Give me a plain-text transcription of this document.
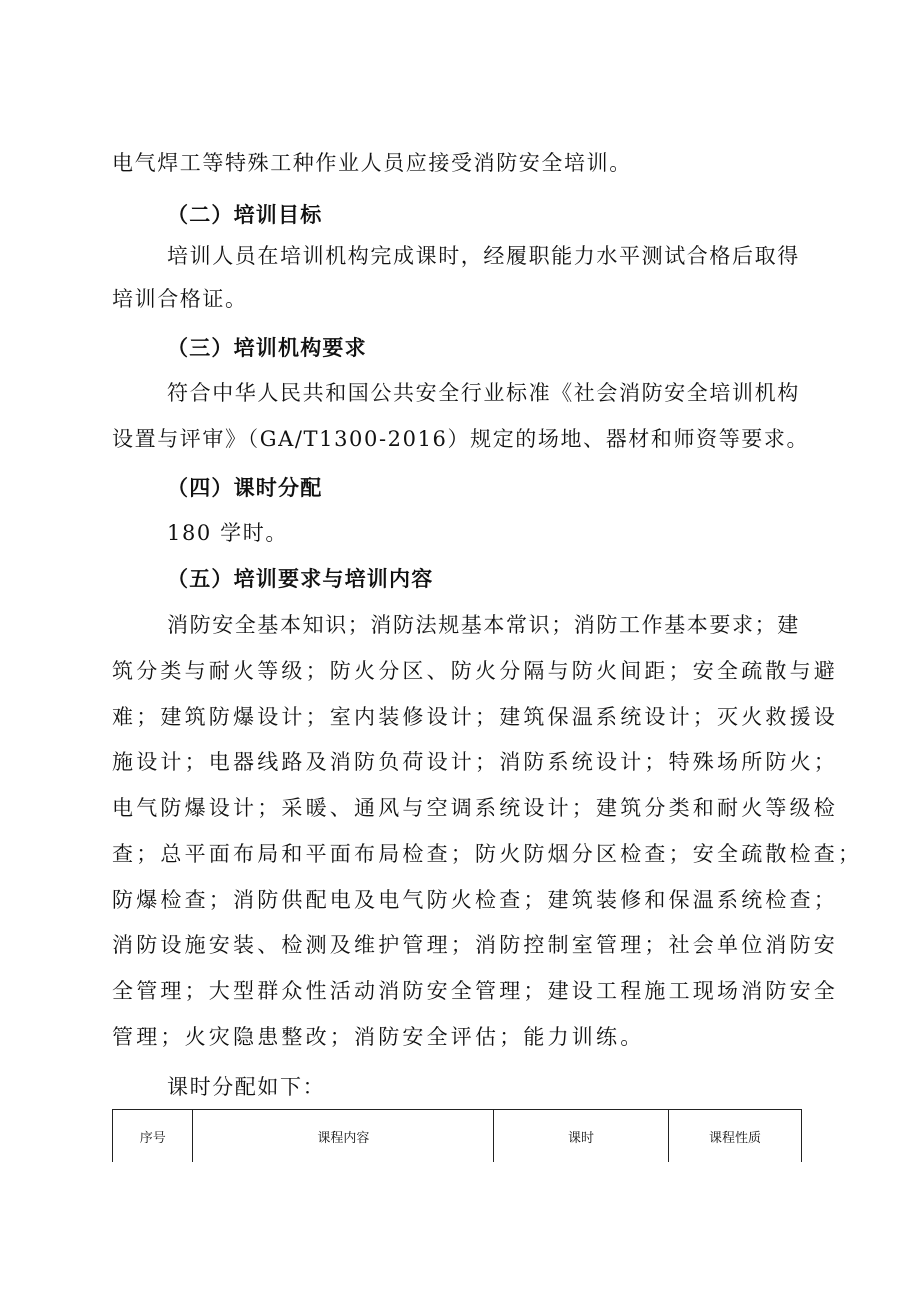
电气焊工等特殊工种作业人员应接受消防安全培训。
（二）培训目标
培训人员在培训机构完成课时，经履职能力水平测试合格后取得
培训合格证。
（三）培训机构要求
符合中华人民共和国公共安全行业标准《社会消防安全培训机构
设置与评审》（GA/T1300-2016）规定的场地、器材和师资等要求。
（四）课时分配
180 学时。
（五）培训要求与培训内容
消防安全基本知识；消防法规基本常识；消防工作基本要求；建
筑分类与耐火等级；防火分区、防火分隔与防火间距；安全疏散与避
难；建筑防爆设计；室内装修设计；建筑保温系统设计；灭火救援设
施设计；电器线路及消防负荷设计；消防系统设计；特殊场所防火；
电气防爆设计；采暖、通风与空调系统设计；建筑分类和耐火等级检
查；总平面布局和平面布局检查；防火防烟分区检查；安全疏散检查；
防爆检查；消防供配电及电气防火检查；建筑装修和保温系统检查；
消防设施安装、检测及维护管理；消防控制室管理；社会单位消防安
全管理；大型群众性活动消防安全管理；建设工程施工现场消防安全
管理；火灾隐患整改；消防安全评估；能力训练。
课时分配如下：
序号	课程内容	课时	课程性质
